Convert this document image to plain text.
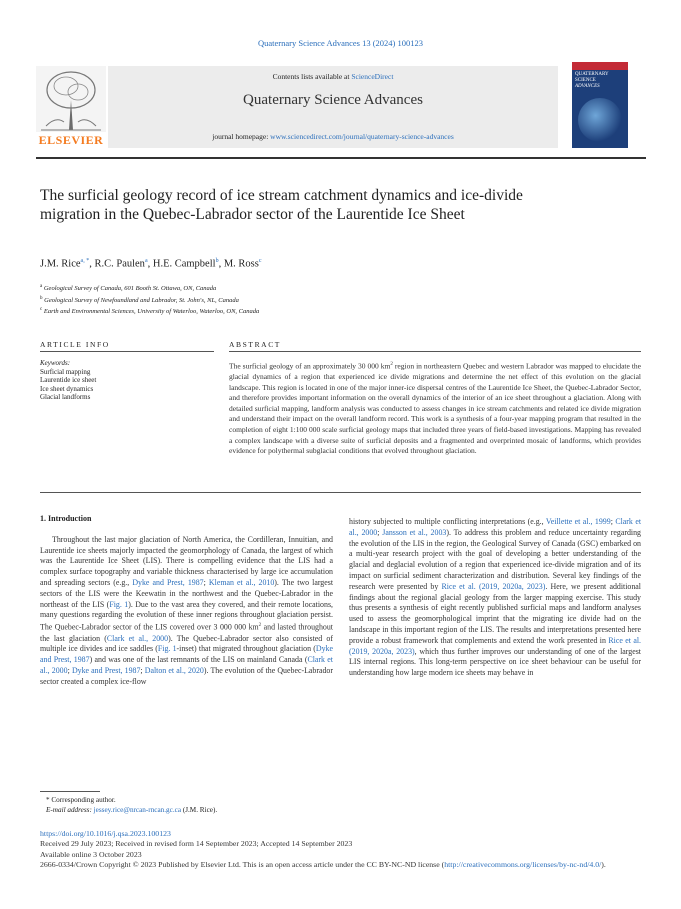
Quaternary Science Advances 13 (2024) 100123
ELSEVIER
Contents lists available at ScienceDirect
Quaternary Science Advances
journal homepage: www.sciencedirect.com/journal/quaternary-science-advances
QUATERNARY SCIENCE
ADVANCES
The surficial geology record of ice stream catchment dynamics and ice-divide migration in the Quebec-Labrador sector of the Laurentide Ice Sheet
J.M. Rice$^{a, *}$, R.C. Paulen$^a$, H.E. Campbell$^b$, M. Ross$^c$
$^a$ Geological Survey of Canada, 601 Booth St. Ottawa, ON, Canada
$^b$ Geological Survey of Newfoundland and Labrador, St. John's, NL, Canada
$^c$ Earth and Environmental Sciences, University of Waterloo, Waterloo, ON, Canada
ARTICLE INFO	ABSTRACT
Keywords:
Surficial mapping
Laurentide ice sheet
Ice sheet dynamics
Glacial landforms
The surficial geology of an approximately 30 000 $km^2$ region in northeastern Quebec and western Labrador was mapped to elucidate the glacial dynamics of a region that experienced ice divide migrations and determine the net effect of this evolution on the glacial landscape. This region is located in one of the major inner-ice dispersal centres of the Laurentide Ice Sheet, the Quebec-Labrador Sector, and therefore provides important information on the overall dynamics of the interior of an ice sheet throughout a glaciation. Along with detailed surficial mapping, landform analysis was conducted to assess changes in ice stream catchments and related ice divide migration and understand their impact on the overall landform record. This work is a synthesis of a four-year mapping program that resulted in the completion of eight 1:100 000 scale surficial geology maps that included three years of field-based investigations. Mapping has revealed a complex landscape with a diverse suite of surficial deposits and a fragmented and overprinted mosaic of landforms, which provides evidence for polythermal subglacial conditions that evolved throughout glaciation.
1. Introduction
Throughout the last major glaciation of North America, the Cordilleran, Innuitian, and Laurentide ice sheets majorly impacted the geomorphology of Canada, the largest of which was the Laurentide Ice Sheet (LIS). There is compelling evidence that the LIS had a complex surface topography and variable thickness characterised by large ice accumulation and spreading sectors (e.g., Dyke and Prest, 1987; Kleman et al., 2010). The two largest sectors of the LIS were the Keewatin in the northwest and the Quebec-Labrador in the northeast of the LIS (Fig. 1). Due to the vast area they covered, and their remote locations, many questions regarding the evolution of these inner regions throughout glaciation persist. The Quebec-Labrador sector of the LIS covered over 3 000 000 $km^2$ and lasted throughout the last glaciation (Clark et al., 2000). The Quebec-Labrador sector also consisted of multiple ice divides and ice saddles (Fig. 1-inset) that migrated throughout glaciation (Dyke and Prest, 1987) and was one of the last remnants of the LIS on mainland Canada (Clark et al., 2000; Dyke and Prest, 1987; Dalton et al., 2020). The evolution of the Quebec-Labrador sector created a complex ice-flow
history subjected to multiple conflicting interpretations (e.g., Veillette et al., 1999; Clark et al., 2000; Jansson et al., 2003). To address this problem and reduce uncertainty regarding the evolution of the LIS in the region, the Geological Survey of Canada (GSC) embarked on a multi-year research project with the goal of developing a better understanding of the glacial and deglacial evolution of a region that experienced ice-divide migration and of its impact on surficial sediment characterization and distribution. Several key findings of the research were presented by Rice et al. (2019, 2020a, 2023). Here, we present additional findings about the regional glacial geology from the larger mapping exercise. This study thus presents a synthesis of eight recently published surficial maps and landform analyses used to assess the geomorphological imprint that the migrating ice divide had on the landscape in this important region of the LIS. The results and interpretations presented here provide a robust framework that complements and extend the work presented in Rice et al. (2019, 2020a, 2023), which thus further improves our understanding of one of the largest LIS internal regions. This long-term perspective on ice sheet behaviour can be useful for understanding how large modern ice sheets may behave in
* Corresponding author.
E-mail address: jessey.rice@nrcan-rncan.gc.ca (J.M. Rice).
https://doi.org/10.1016/j.qsa.2023.100123
Received 29 July 2023; Received in revised form 14 September 2023; Accepted 14 September 2023
Available online 3 October 2023
2666-0334/Crown Copyright © 2023 Published by Elsevier Ltd. This is an open access article under the CC BY-NC-ND license (http://creativecommons.org/licenses/by-nc-nd/4.0/).
